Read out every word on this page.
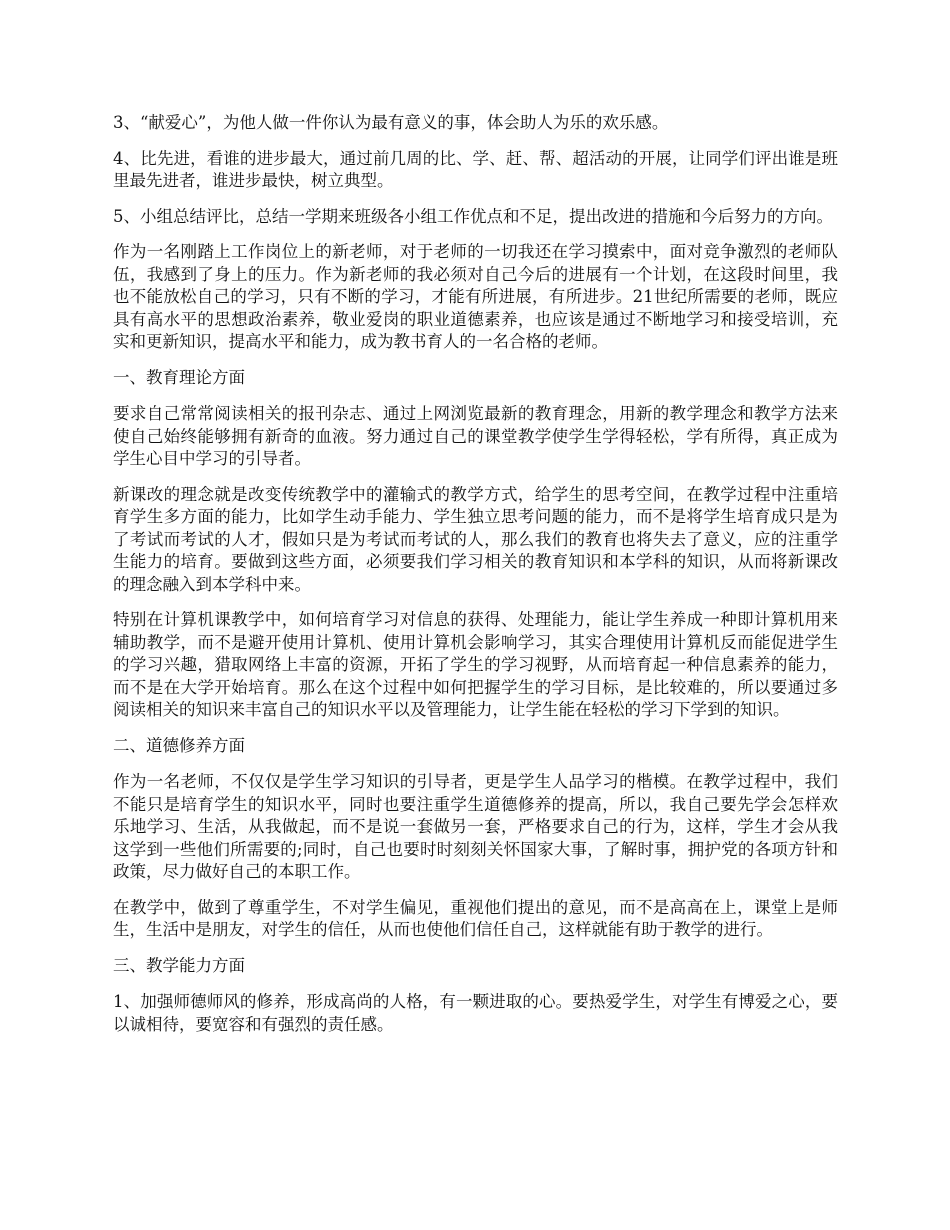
3、“献爱心”，为他人做一件你认为最有意义的事，体会助人为乐的欢乐感。

4、比先进，看谁的进步最大，通过前几周的比、学、赶、帮、超活动的开展，让同学们评出谁是班里最先进者，谁进步最快，树立典型。

5、小组总结评比，总结一学期来班级各小组工作优点和不足，提出改进的措施和今后努力的方向。

作为一名刚踏上工作岗位上的新老师，对于老师的一切我还在学习摸索中，面对竞争激烈的老师队伍，我感到了身上的压力。作为新老师的我必须对自己今后的进展有一个计划，在这段时间里，我也不能放松自己的学习，只有不断的学习，才能有所进展，有所进步。21世纪所需要的老师，既应具有高水平的思想政治素养，敬业爱岗的职业道德素养，也应该是通过不断地学习和接受培训，充实和更新知识，提高水平和能力，成为教书育人的一名合格的老师。

一、教育理论方面

要求自己常常阅读相关的报刊杂志、通过上网浏览最新的教育理念，用新的教学理念和教学方法来使自己始终能够拥有新奇的血液。努力通过自己的课堂教学使学生学得轻松，学有所得，真正成为学生心目中学习的引导者。

新课改的理念就是改变传统教学中的灌输式的教学方式，给学生的思考空间，在教学过程中注重培育学生多方面的能力，比如学生动手能力、学生独立思考问题的能力，而不是将学生培育成只是为了考试而考试的人才，假如只是为考试而考试的人，那么我们的教育也将失去了意义，应的注重学生能力的培育。要做到这些方面，必须要我们学习相关的教育知识和本学科的知识，从而将新课改的理念融入到本学科中来。

特别在计算机课教学中，如何培育学习对信息的获得、处理能力，能让学生养成一种即计算机用来辅助教学，而不是避开使用计算机、使用计算机会影响学习，其实合理使用计算机反而能促进学生的学习兴趣，猎取网络上丰富的资源，开拓了学生的学习视野，从而培育起一种信息素养的能力，而不是在大学开始培育。那么在这个过程中如何把握学生的学习目标，是比较难的，所以要通过多阅读相关的知识来丰富自己的知识水平以及管理能力，让学生能在轻松的学习下学到的知识。

二、道德修养方面

作为一名老师，不仅仅是学生学习知识的引导者，更是学生人品学习的楷模。在教学过程中，我们不能只是培育学生的知识水平，同时也要注重学生道德修养的提高，所以，我自己要先学会怎样欢乐地学习、生活，从我做起，而不是说一套做另一套，严格要求自己的行为，这样，学生才会从我这学到一些他们所需要的;同时，自己也要时时刻刻关怀国家大事，了解时事，拥护党的各项方针和政策，尽力做好自己的本职工作。

在教学中，做到了尊重学生，不对学生偏见，重视他们提出的意见，而不是高高在上，课堂上是师生，生活中是朋友，对学生的信任，从而也使他们信任自己，这样就能有助于教学的进行。

三、教学能力方面

1、加强师德师风的修养，形成高尚的人格，有一颗进取的心。要热爱学生，对学生有博爱之心，要以诚相待，要宽容和有强烈的责任感。
